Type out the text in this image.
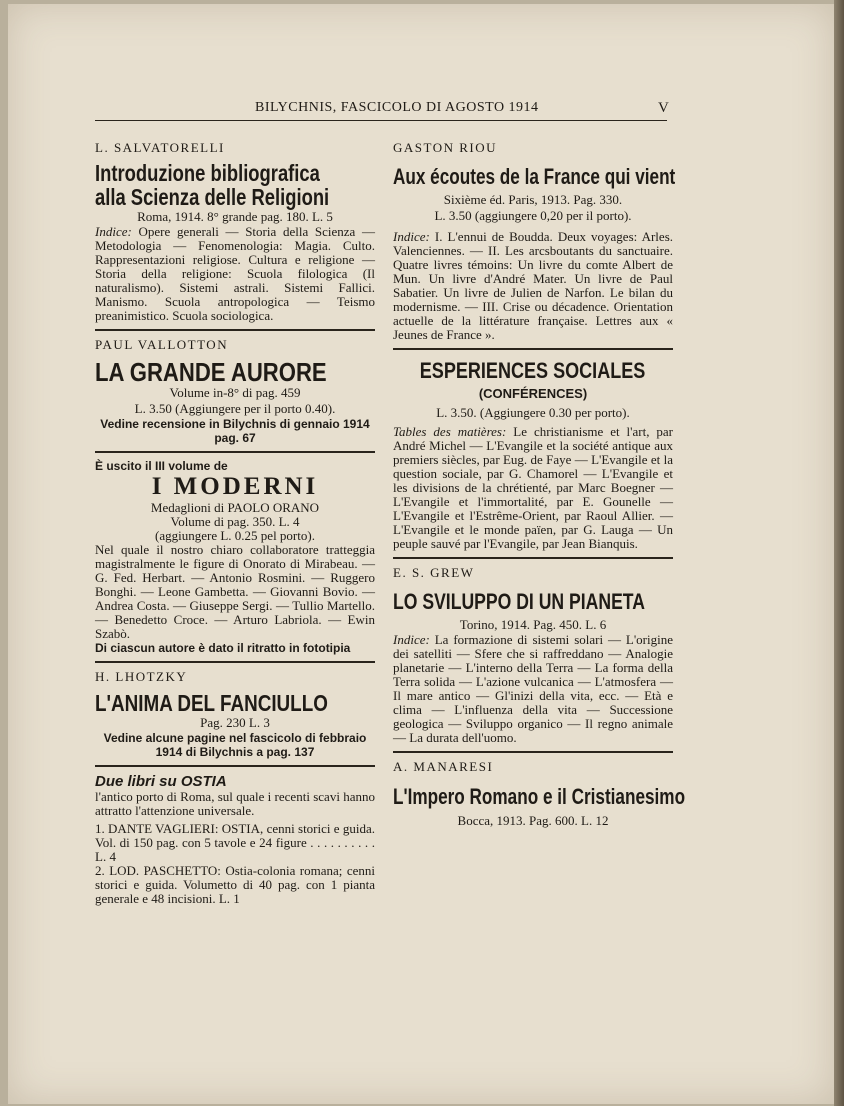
BILYCHNIS, FASCICOLO DI AGOSTO 1914	V
L. SALVATORELLI
Introduzione bibliografica
alla Scienza delle Religioni
Roma, 1914. 8° grande pag. 180. L. 5
Indice: Opere generali — Storia della Scienza — Metodologia — Fenomenologia: Magia. Culto. Rappresentazioni religiose. Cultura e religione — Storia della religione: Scuola filologica (Il naturalismo). Sistemi astrali. Sistemi Fallici. Manismo. Scuola antropologica — Teismo preanimistico. Scuola sociologica.
PAUL VALLOTTON
LA GRANDE AURORE
Volume in-8° di pag. 459
L. 3.50 (Aggiungere per il porto 0.40).
Vedine recensione in Bilychnis di gennaio 1914 pag. 67
È uscito il III volume de
I MODERNI
Medaglioni di PAOLO ORANO
Volume di pag. 350. L. 4
(aggiungere L. 0.25 pel porto).
Nel quale il nostro chiaro collaboratore tratteggia magistralmente le figure di Onorato di Mirabeau. — G. Fed. Herbart. — Antonio Rosmini. — Ruggero Bonghi. — Leone Gambetta. — Giovanni Bovio. — Andrea Costa. — Giuseppe Sergi. — Tullio Martello. — Benedetto Croce. — Arturo Labriola. — Ewin Szabò.
Di ciascun autore è dato il ritratto in fototipia
H. LHOTZKY
L'ANIMA DEL FANCIULLO
Pag. 230 L. 3
Vedine alcune pagine nel fascicolo di febbraio 1914 di Bilychnis a pag. 137
Due libri su OSTIA
l'antico porto di Roma, sul quale i recenti scavi hanno attratto l'attenzione universale.
1. DANTE VAGLIERI: OSTIA, cenni storici e guida. Vol. di 150 pag. con 5 tavole e 24 figure . . . . . . . . . . L. 4
2. LOD. PASCHETTO: Ostia-colonia romana; cenni storici e guida. Volumetto di 40 pag. con 1 pianta generale e 48 incisioni. L. 1
GASTON RIOU
Aux écoutes de la France qui vient
Sixième éd. Paris, 1913. Pag. 330.
L. 3.50 (aggiungere 0,20 per il porto).
Indice: I. L'ennui de Boudda. Deux voyages: Arles. Valenciennes. — II. Les arcsboutants du sanctuaire. Quatre livres témoins: Un livre du comte Albert de Mun. Un livre d'André Mater. Un livre de Paul Sabatier. Un livre de Julien de Narfon. Le bilan du modernisme. — III. Crise ou décadence. Orientation actuelle de la littérature française. Lettres aux « Jeunes de France ».
ESPERIENCES SOCIALES
(CONFÉRENCES)
L. 3.50. (Aggiungere 0.30 per porto).
Tables des matières: Le christianisme et l'art, par André Michel — L'Evangile et la société antique aux premiers siècles, par Eug. de Faye — L'Evangile et la question sociale, par G. Chamorel — L'Evangile et les divisions de la chrétienté, par Marc Boegner — L'Evangile et l'immortalité, par E. Gounelle — L'Evangile et l'Estrême-Orient, par Raoul Allier. — L'Evangile et le monde païen, par G. Lauga — Un peuple sauvé par l'Evangile, par Jean Bianquis.
E. S. GREW
LO SVILUPPO DI UN PIANETA
Torino, 1914. Pag. 450. L. 6
Indice: La formazione di sistemi solari — L'origine dei satelliti — Sfere che si raffreddano — Analogie planetarie — L'interno della Terra — La forma della Terra solida — L'azione vulcanica — L'atmosfera — Il mare antico — Gl'inizi della vita, ecc. — Età e clima — L'influenza della vita — Successione geologica — Sviluppo organico — Il regno animale — La durata dell'uomo.
A. MANARESI
L'Impero Romano e il Cristianesimo
Bocca, 1913. Pag. 600. L. 12
